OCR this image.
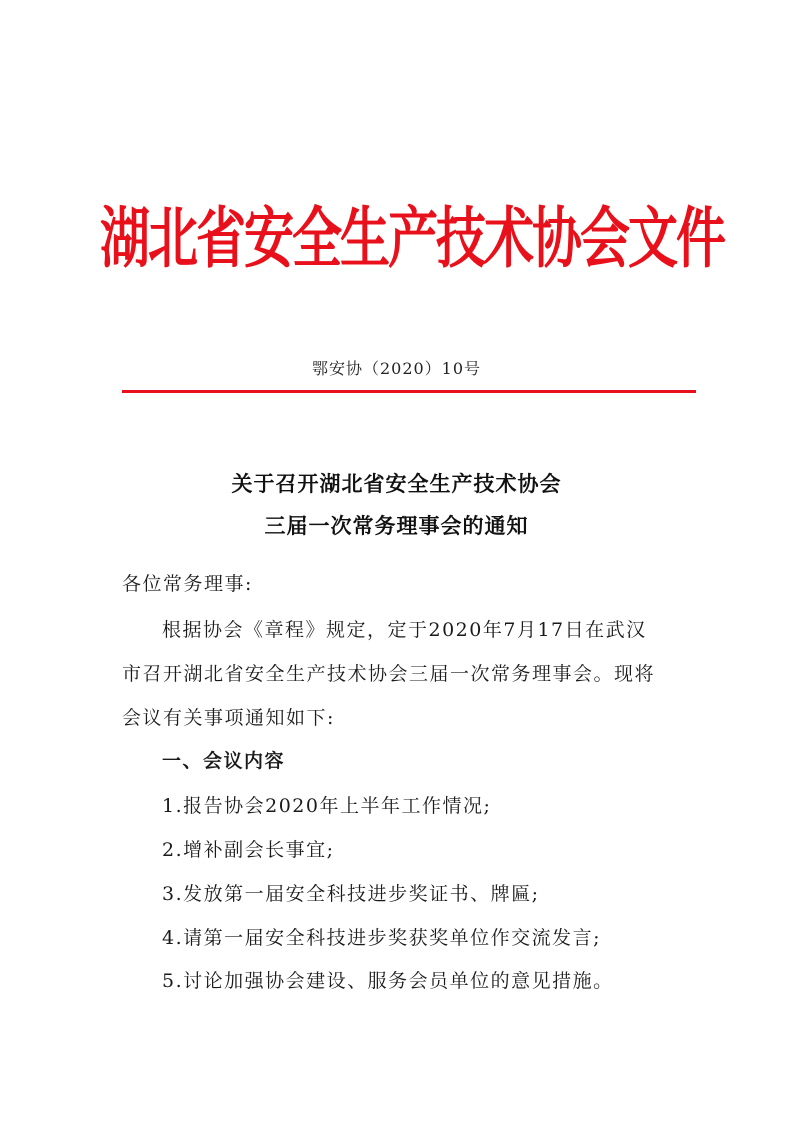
湖北省安全生产技术协会文件
鄂安协（2020）10号
关于召开湖北省安全生产技术协会
三届一次常务理事会的通知
各位常务理事:
根据协会《章程》规定，定于2020年7月17日在武汉
市召开湖北省安全生产技术协会三届一次常务理事会。现将
会议有关事项通知如下:
一、会议内容
1.报告协会2020年上半年工作情况;
2.增补副会长事宜;
3.发放第一届安全科技进步奖证书、牌匾;
4.请第一届安全科技进步奖获奖单位作交流发言;
5.讨论加强协会建设、服务会员单位的意见措施。
